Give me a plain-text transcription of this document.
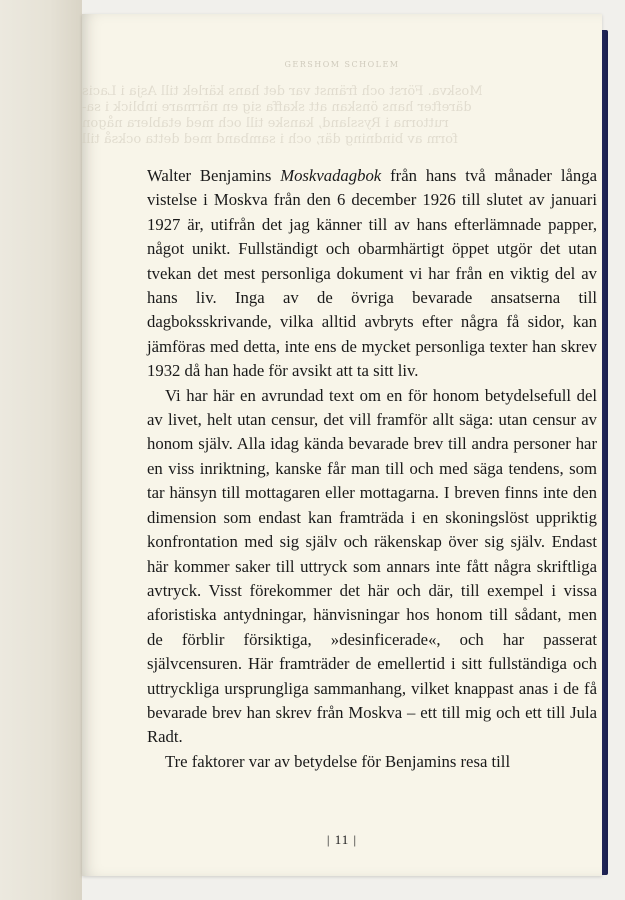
GERSHOM SCHOLEM
Moskva. Först och främst var det hans kärlek till Asja i Lacis
därefter hans önskan att skaffa sig en närmare inblick i sa-
ruttorna i Ryssland, kanske till och med etablera någon
form av bindning där, och i samband med detta också till

Walter Benjamins Moskvadagbok från hans två månader långa vistelse i Moskva från den 6 december 1926 till slutet av januari 1927 är, utifrån det jag känner till av hans efterlämnade papper, något unikt. Fullständigt och obarmhärtigt öppet utgör det utan tvekan det mest personliga dokument vi har från en viktig del av hans liv. Inga av de övriga bevarade ansatserna till dagboksskrivande, vilka alltid avbryts efter några få sidor, kan jämföras med detta, inte ens de mycket personliga texter han skrev 1932 då han hade för avsikt att ta sitt liv.

Vi har här en avrundad text om en för honom betydelsefull del av livet, helt utan censur, det vill framför allt säga: utan censur av honom själv. Alla idag kända bevarade brev till andra personer har en viss inriktning, kanske får man till och med säga tendens, som tar hänsyn till mottagaren eller mottagarna. I breven finns inte den dimension som endast kan framträda i en skoningslöst uppriktig konfrontation med sig själv och räkenskap över sig själv. Endast här kommer saker till uttryck som annars inte fått några skriftliga avtryck. Visst förekommer det här och där, till exempel i vissa aforistiska antydningar, hänvisningar hos honom till sådant, men de förblir försiktiga, »desinficerade«, och har passerat självcensuren. Här framträder de emellertid i sitt fullständiga och uttryckliga ursprungliga sammanhang, vilket knappast anas i de få bevarade brev han skrev från Moskva – ett till mig och ett till Jula Radt.

Tre faktorer var av betydelse för Benjamins resa till

| 11 |
